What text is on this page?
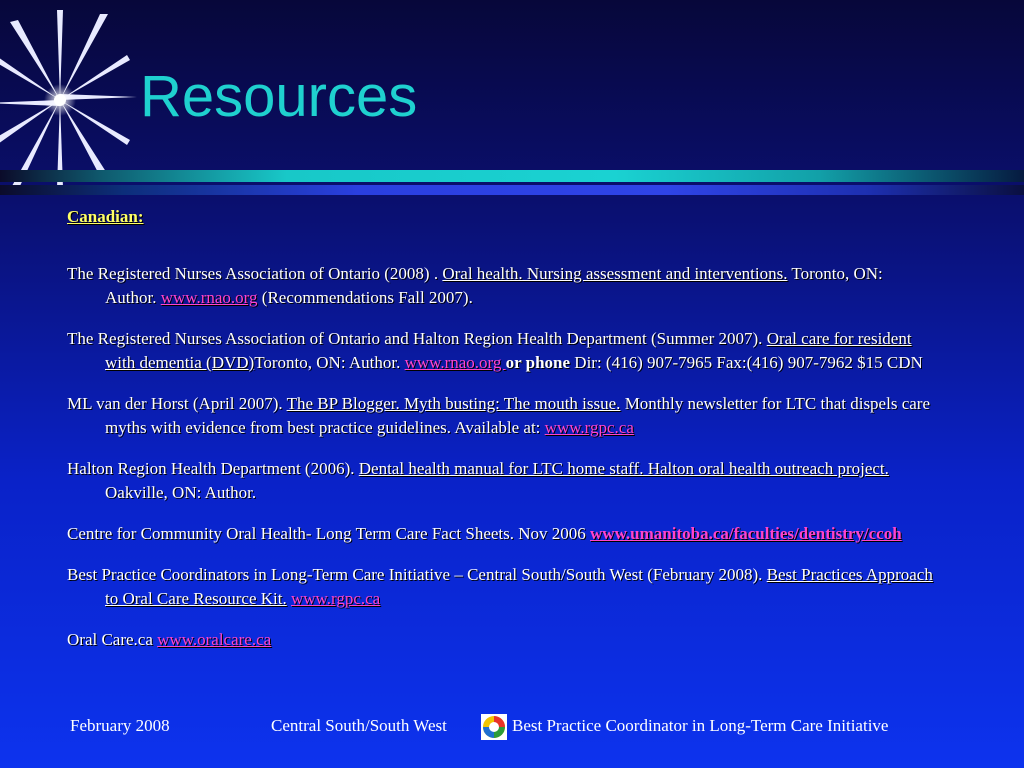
Resources
Canadian:

The Registered Nurses Association of Ontario (2008) . Oral health. Nursing assessment and interventions. Toronto, ON: Author. www.rnao.org (Recommendations Fall 2007).

The Registered Nurses Association of Ontario and Halton Region Health Department (Summer 2007). Oral care for resident with dementia (DVD)Toronto, ON: Author. www.rnao.org or phone Dir: (416) 907-7965 Fax:(416) 907-7962 $15 CDN

ML van der Horst (April 2007). The BP Blogger. Myth busting: The mouth issue. Monthly newsletter for LTC that dispels care myths with evidence from best practice guidelines. Available at: www.rgpc.ca

Halton Region Health Department (2006). Dental health manual for LTC home staff. Halton oral health outreach project. Oakville, ON: Author.

Centre for Community Oral Health- Long Term Care Fact Sheets. Nov 2006 www.umanitoba.ca/faculties/dentistry/ccoh

Best Practice Coordinators in Long-Term Care Initiative – Central South/South West (February 2008). Best Practices Approach to Oral Care Resource Kit. www.rgpc.ca

Oral Care.ca www.oralcare.ca

February 2008	Central South/South West	Best Practice Coordinator in Long-Term Care Initiative
